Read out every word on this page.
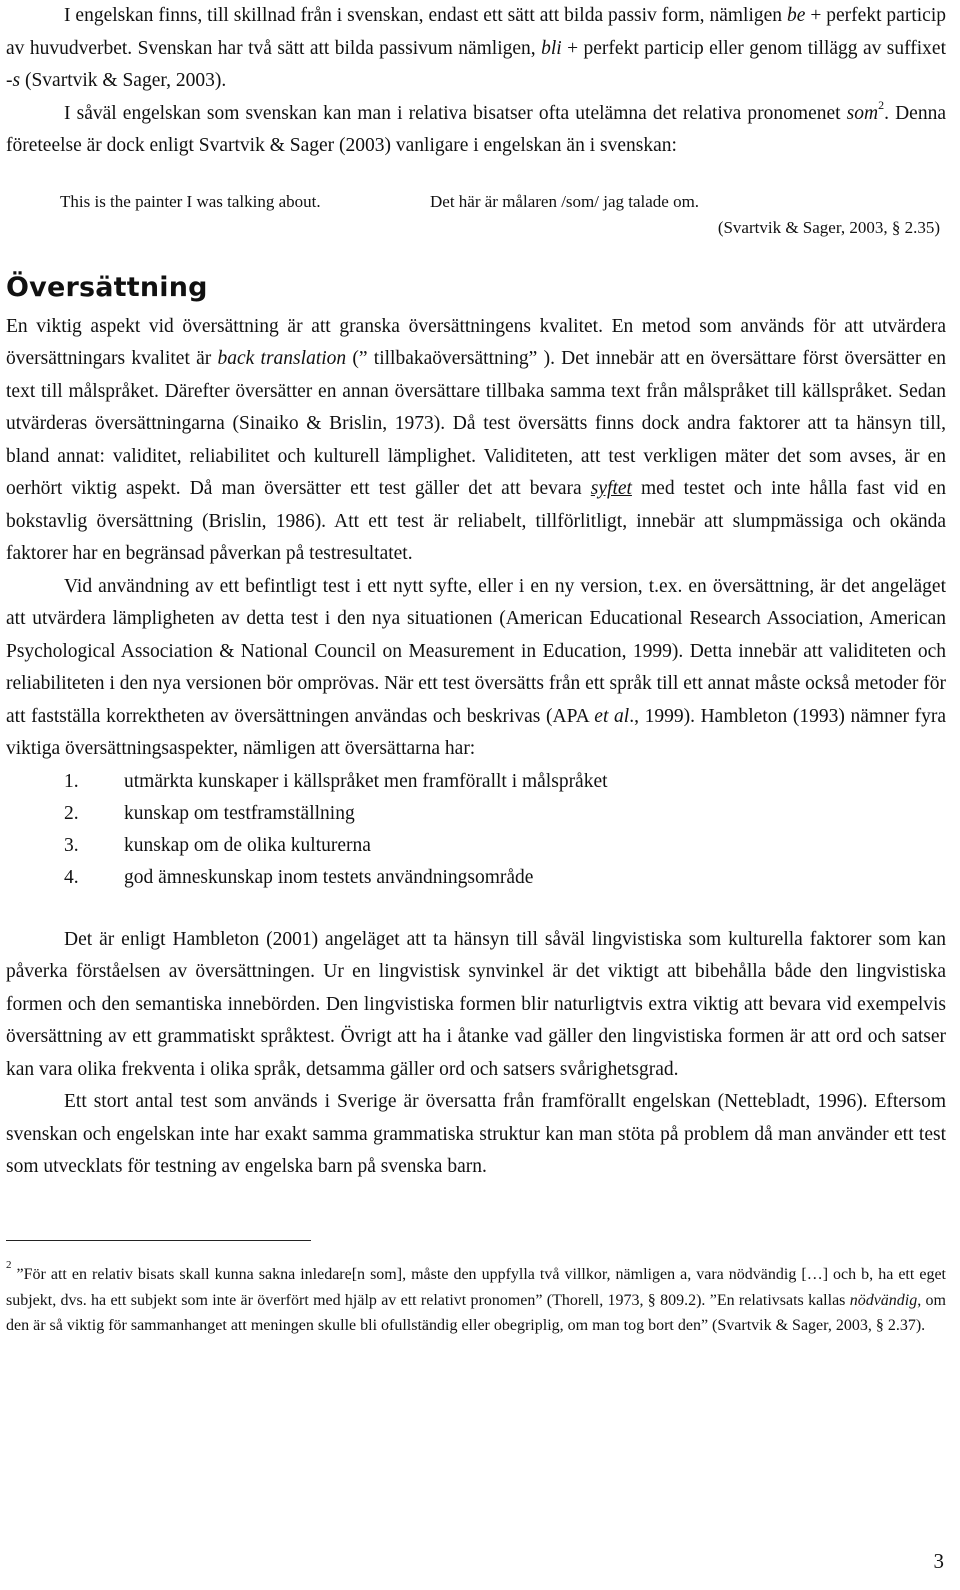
I engelskan finns, till skillnad från i svenskan, endast ett sätt att bilda passiv form, nämligen be + perfekt particip av huvudverbet. Svenskan har två sätt att bilda passivum nämligen, bli + perfekt particip eller genom tillägg av suffixet -s (Svartvik & Sager, 2003).

I såväl engelskan som svenskan kan man i relativa bisatser ofta utelämna det relativa pronomenet som$^2$. Denna företeelse är dock enligt Svartvik & Sager (2003) vanligare i engelskan än i svenskan:

This is the painter I was talking about.	Det här är målaren /som/ jag talade om.
(Svartvik & Sager, 2003, § 2.35)
Översättning

En viktig aspekt vid översättning är att granska översättningens kvalitet. En metod som används för att utvärdera översättningars kvalitet är back translation (” tillbakaöversättning” ). Det innebär att en översättare först översätter en text till målspråket. Därefter översätter en annan översättare tillbaka samma text från målspråket till källspråket. Sedan utvärderas översättningarna (Sinaiko & Brislin, 1973). Då test översätts finns dock andra faktorer att ta hänsyn till, bland annat: validitet, reliabilitet och kulturell lämplighet. Validiteten, att test verkligen mäter det som avses, är en oerhört viktig aspekt. Då man översätter ett test gäller det att bevara syftet med testet och inte hålla fast vid en bokstavlig översättning (Brislin, 1986). Att ett test är reliabelt, tillförlitligt, innebär att slumpmässiga och okända faktorer har en begränsad påverkan på testresultatet.

Vid användning av ett befintligt test i ett nytt syfte, eller i en ny version, t.ex. en översättning, är det angeläget att utvärdera lämpligheten av detta test i den nya situationen (American Educational Research Association, American Psychological Association & National Council on Measurement in Education, 1999). Detta innebär att validiteten och reliabiliteten i den nya versionen bör omprövas. När ett test översätts från ett språk till ett annat måste också metoder för att fastställa korrektheten av översättningen användas och beskrivas (APA et al., 1999). Hambleton (1993) nämner fyra viktiga översättningsaspekter, nämligen att översättarna har:

1. utmärkta kunskaper i källspråket men framförallt i målspråket
2. kunskap om testframställning
3. kunskap om de olika kulturerna
4. god ämneskunskap inom testets användningsområde

Det är enligt Hambleton (2001) angeläget att ta hänsyn till såväl lingvistiska som kulturella faktorer som kan påverka förståelsen av översättningen. Ur en lingvistisk synvinkel är det viktigt att bibehålla både den lingvistiska formen och den semantiska innebörden. Den lingvistiska formen blir naturligtvis extra viktig att bevara vid exempelvis översättning av ett grammatiskt språktest. Övrigt att ha i åtanke vad gäller den lingvistiska formen är att ord och satser kan vara olika frekventa i olika språk, detsamma gäller ord och satsers svårighetsgrad.

Ett stort antal test som används i Sverige är översatta från framförallt engelskan (Nettebladt, 1996). Eftersom svenskan och engelskan inte har exakt samma grammatiska struktur kan man stöta på problem då man använder ett test som utvecklats för testning av engelska barn på svenska barn.

$^2$ ”För att en relativ bisats skall kunna sakna inledare[n som], måste den uppfylla två villkor, nämligen a, vara nödvändig […] och b, ha ett eget subjekt, dvs. ha ett subjekt som inte är överfört med hjälp av ett relativt pronomen” (Thorell, 1973, § 809.2). ”En relativsats kallas nödvändig, om den är så viktig för sammanhanget att meningen skulle bli ofullständig eller obegriplig, om man tog bort den” (Svartvik & Sager, 2003, § 2.37).
3
